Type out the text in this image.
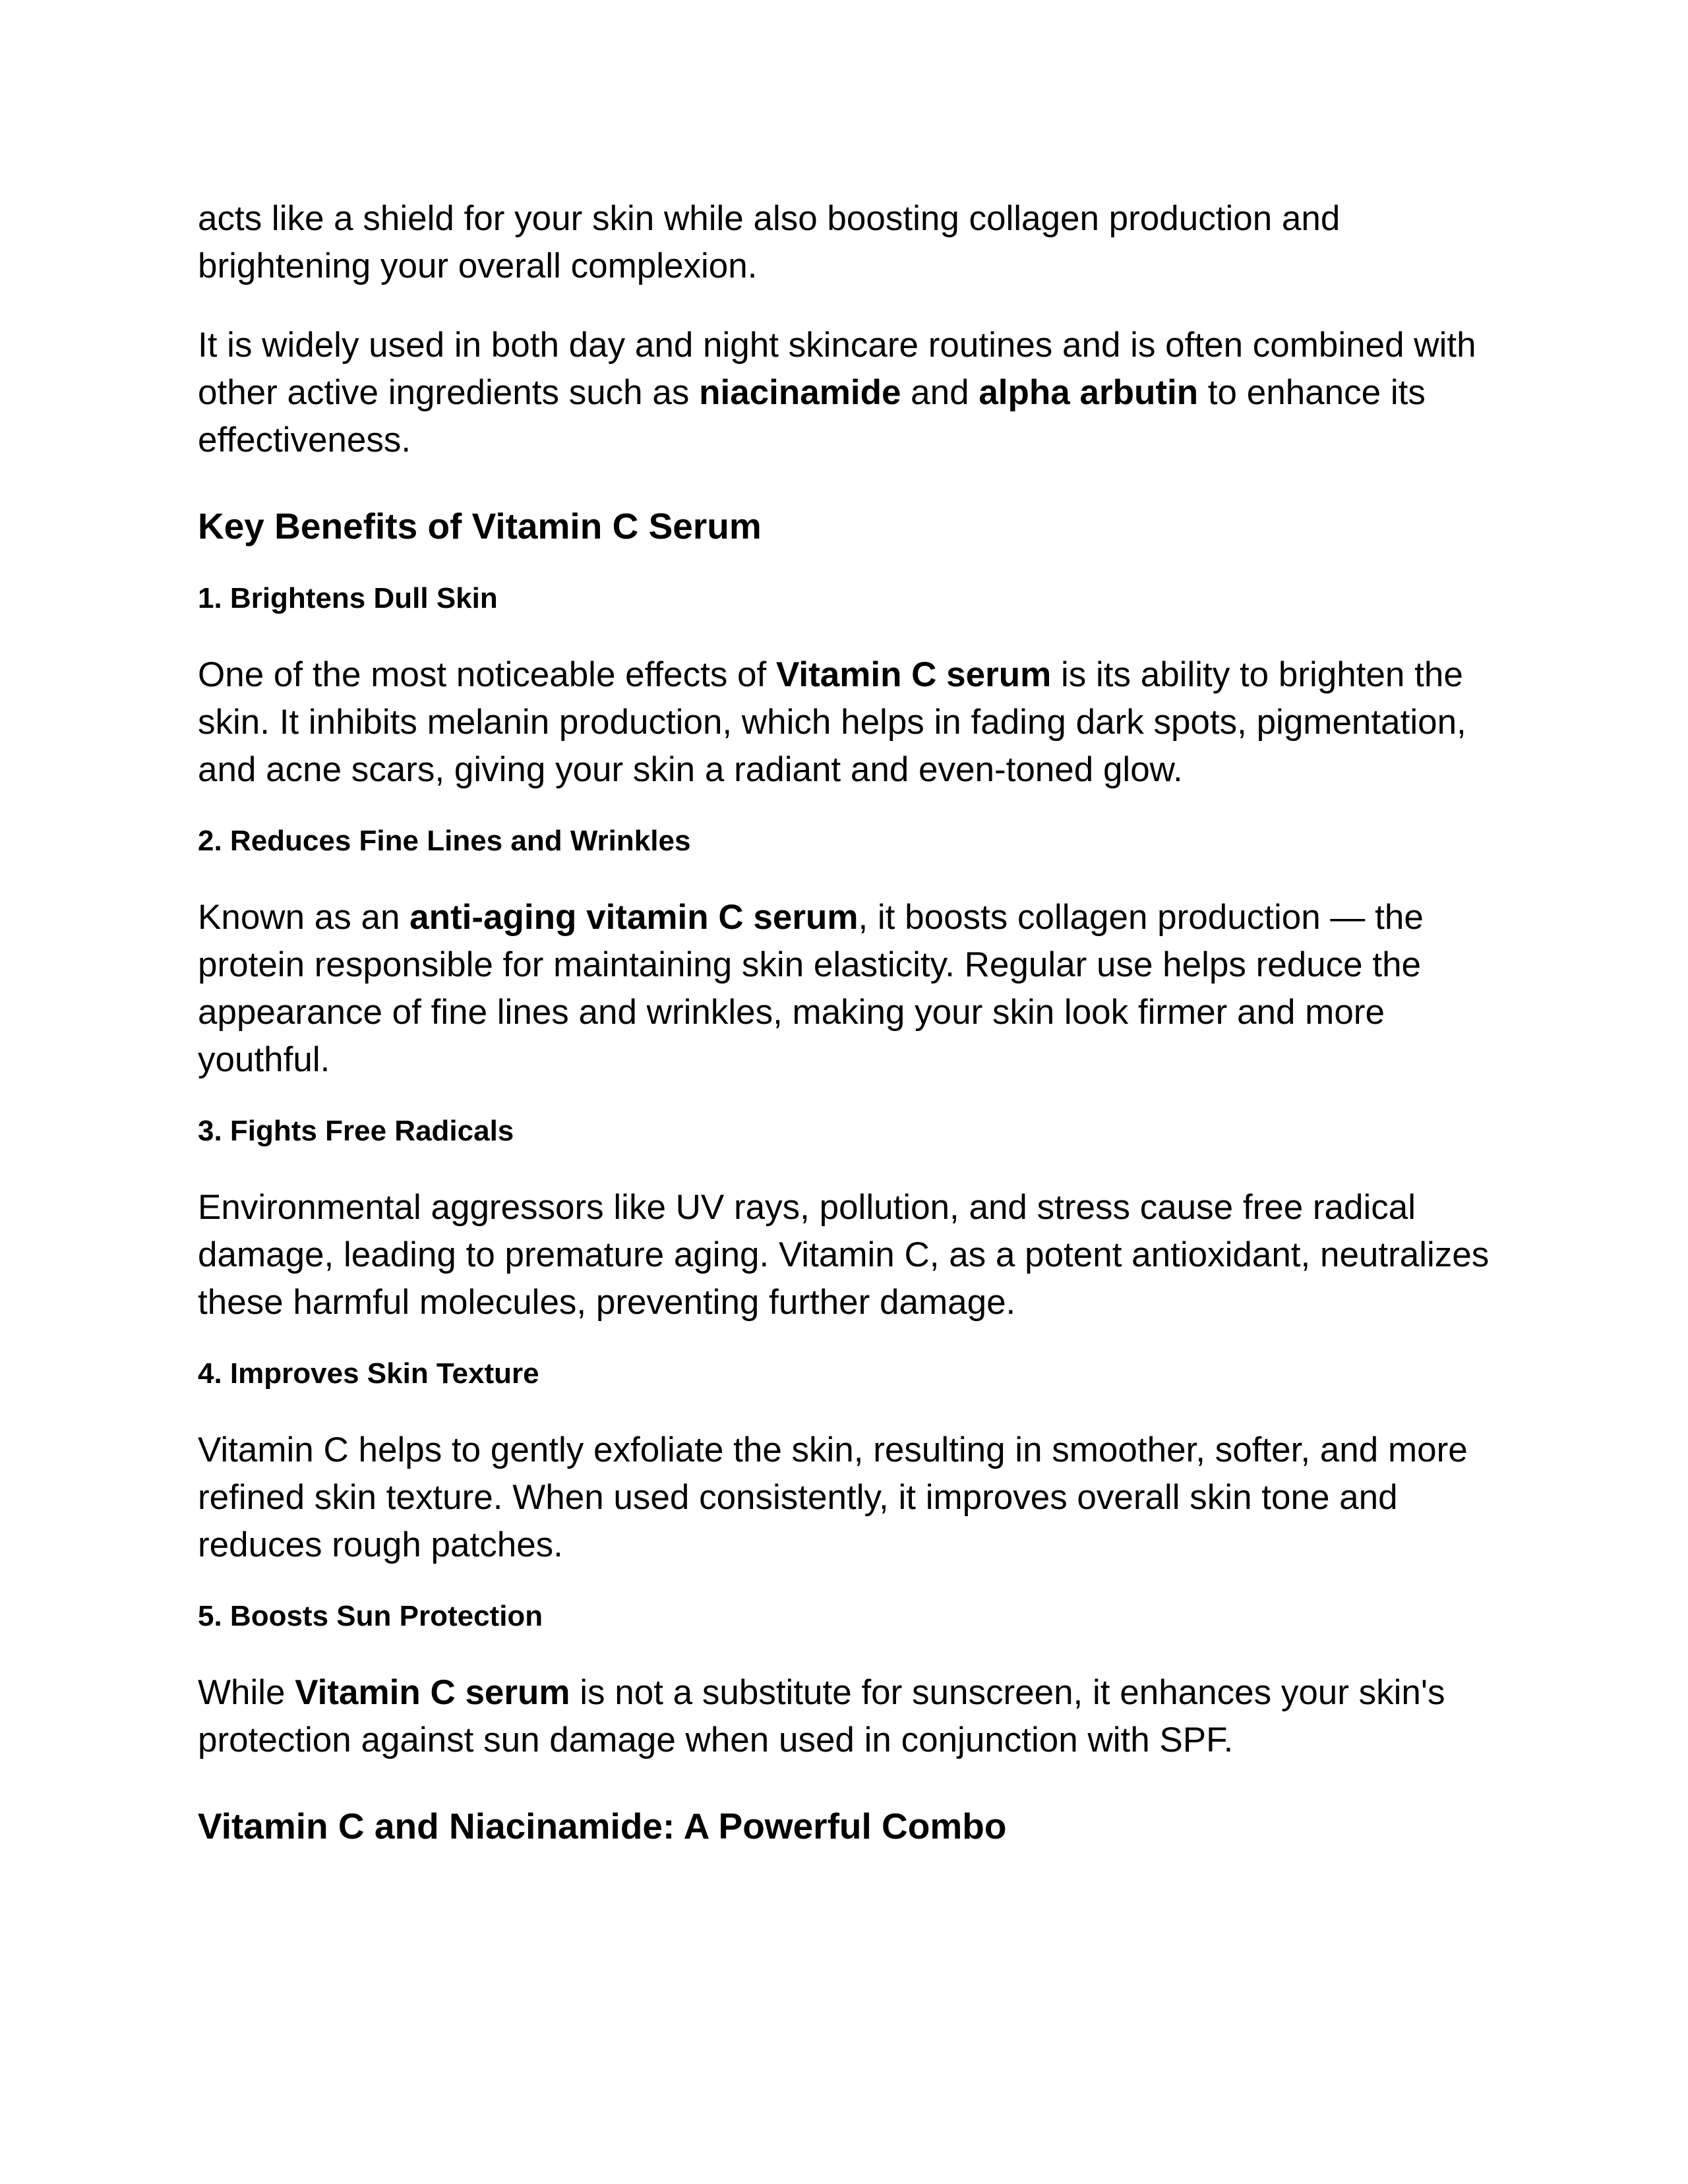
acts like a shield for your skin while also boosting collagen production and brightening your overall complexion.

It is widely used in both day and night skincare routines and is often combined with other active ingredients such as niacinamide and alpha arbutin to enhance its effectiveness.

Key Benefits of Vitamin C Serum
1. Brightens Dull Skin

One of the most noticeable effects of Vitamin C serum is its ability to brighten the skin. It inhibits melanin production, which helps in fading dark spots, pigmentation, and acne scars, giving your skin a radiant and even-toned glow.

2. Reduces Fine Lines and Wrinkles

Known as an anti-aging vitamin C serum, it boosts collagen production — the protein responsible for maintaining skin elasticity. Regular use helps reduce the appearance of fine lines and wrinkles, making your skin look firmer and more youthful.

3. Fights Free Radicals

Environmental aggressors like UV rays, pollution, and stress cause free radical damage, leading to premature aging. Vitamin C, as a potent antioxidant, neutralizes these harmful molecules, preventing further damage.

4. Improves Skin Texture

Vitamin C helps to gently exfoliate the skin, resulting in smoother, softer, and more refined skin texture. When used consistently, it improves overall skin tone and reduces rough patches.

5. Boosts Sun Protection

While Vitamin C serum is not a substitute for sunscreen, it enhances your skin's protection against sun damage when used in conjunction with SPF.

Vitamin C and Niacinamide: A Powerful Combo
